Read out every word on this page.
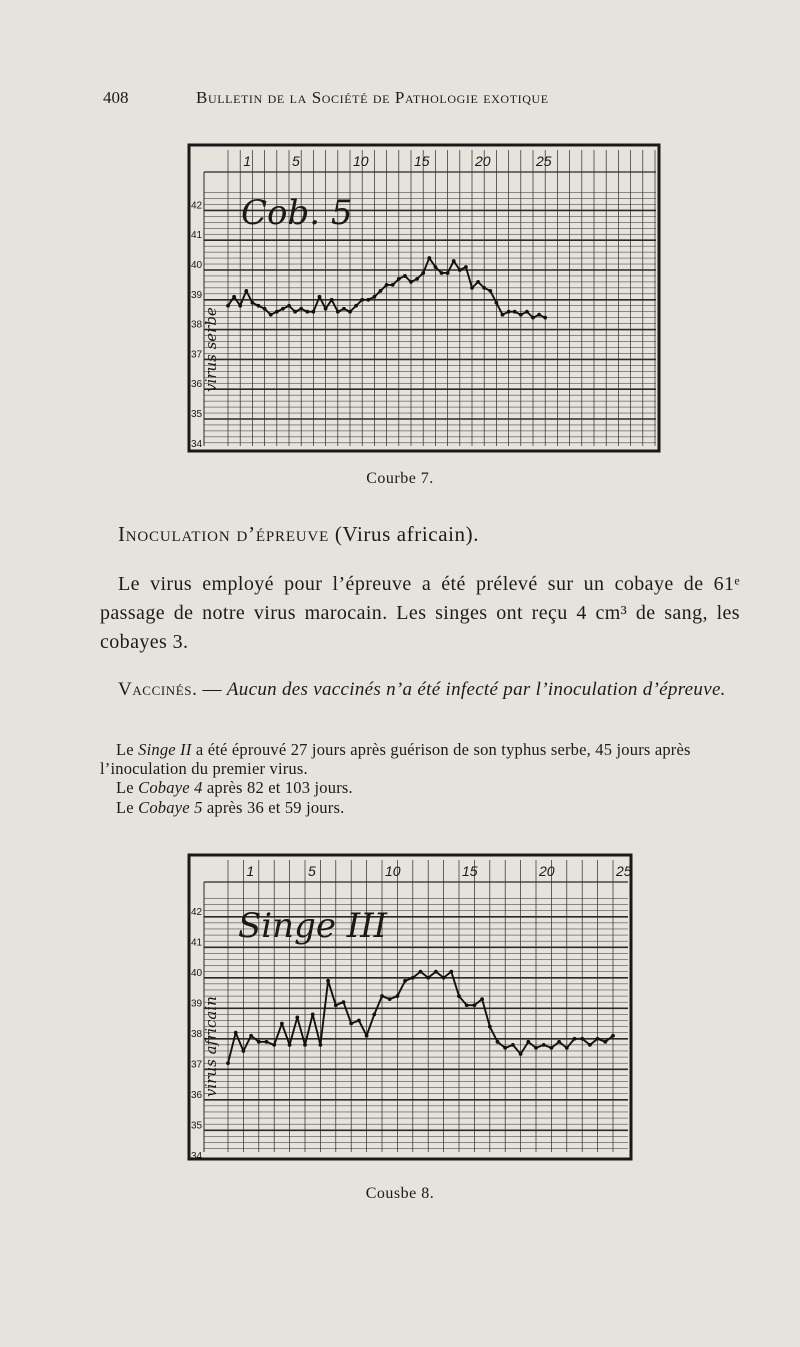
408	Bulletin de la Société de Pathologie exotique
42
41
40
39
38
37
36
35
34
1	5	10	15	20	25
Cob. 5
virus serbe
Courbe 7.
Inoculation d’épreuve (Virus africain).
Le virus employé pour l’épreuve a été prélevé sur un cobaye de 61ᵉ passage de notre virus marocain. Les singes ont reçu 4 cm³ de sang, les cobayes 3.
Vaccinés. — Aucun des vaccinés n’a été infecté par l’inoculation d’épreuve.
Le Singe II a été éprouvé 27 jours après guérison de son typhus serbe, 45 jours après l’inoculation du premier virus.
Le Cobaye 4 après 82 et 103 jours.
Le Cobaye 5 après 36 et 59 jours.
42
41
40
39
38
37
36
35
34
1	5	10	15	20	25
Singe III
virus africain
Cousbe 8.
